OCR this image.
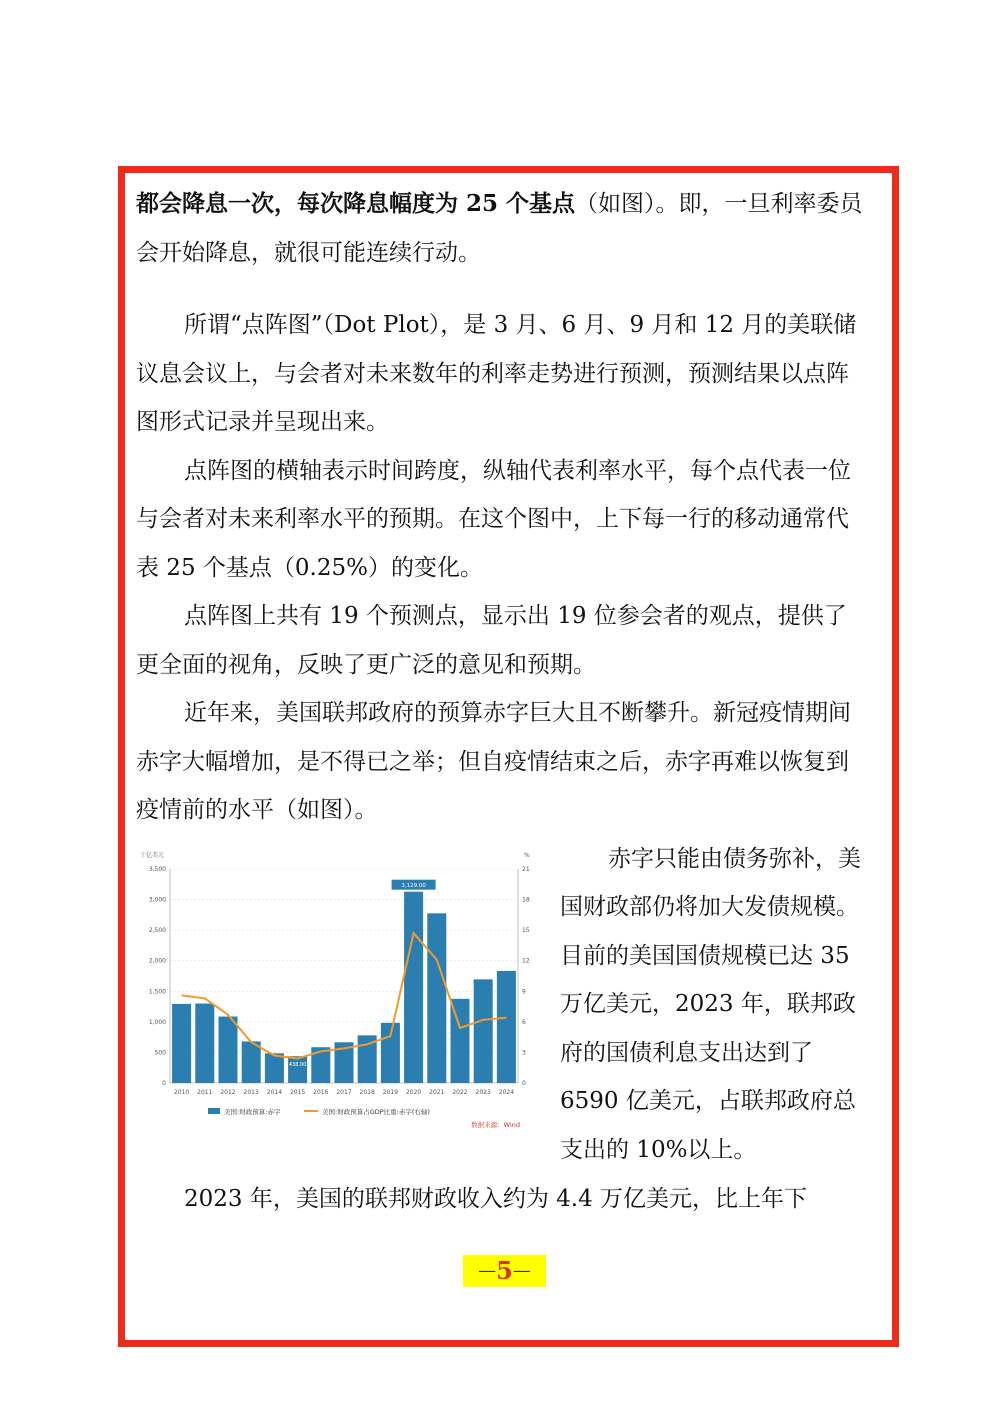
都会降息一次，每次降息幅度为 25 个基点（如图）。即，一旦利率委员会开始降息，就很可能连续行动。

所谓“点阵图”（Dot Plot），是 3 月、6 月、9 月和 12 月的美联储议息会议上，与会者对未来数年的利率走势进行预测，预测结果以点阵图形式记录并呈现出来。

点阵图的横轴表示时间跨度，纵轴代表利率水平，每个点代表一位与会者对未来利率水平的预期。在这个图中，上下每一行的移动通常代表 25 个基点（0.25%）的变化。

点阵图上共有 19 个预测点，显示出 19 位参会者的观点，提供了更全面的视角，反映了更广泛的意见和预期。

近年来，美国联邦政府的预算赤字巨大且不断攀升。新冠疫情期间赤字大幅增加，是不得已之举；但自疫情结束之后，赤字再难以恢复到疫情前的水平（如图）。

十亿美元	%
0
500
1,000
1,500
2,000
2,500
3,000
3,500
0
3
6
9
12
15
18
21
2010 2011 2012 2013 2014 2015 2016 2017 2018 2019 2020 2021 2022 2023 2024
3,129.00
438.00
美国:财政预算:赤字	美国:财政预算占GDP比重:赤字(右轴)
数据来源：Wind

赤字只能由债务弥补，美国财政部仍将加大发债规模。目前的美国国债规模已达 35 万亿美元，2023 年，联邦政府的国债利息支出达到了 6590 亿美元，占联邦政府总支出的 10%以上。

2023 年，美国的联邦财政收入约为 4.4 万亿美元，比上年下

—5—
